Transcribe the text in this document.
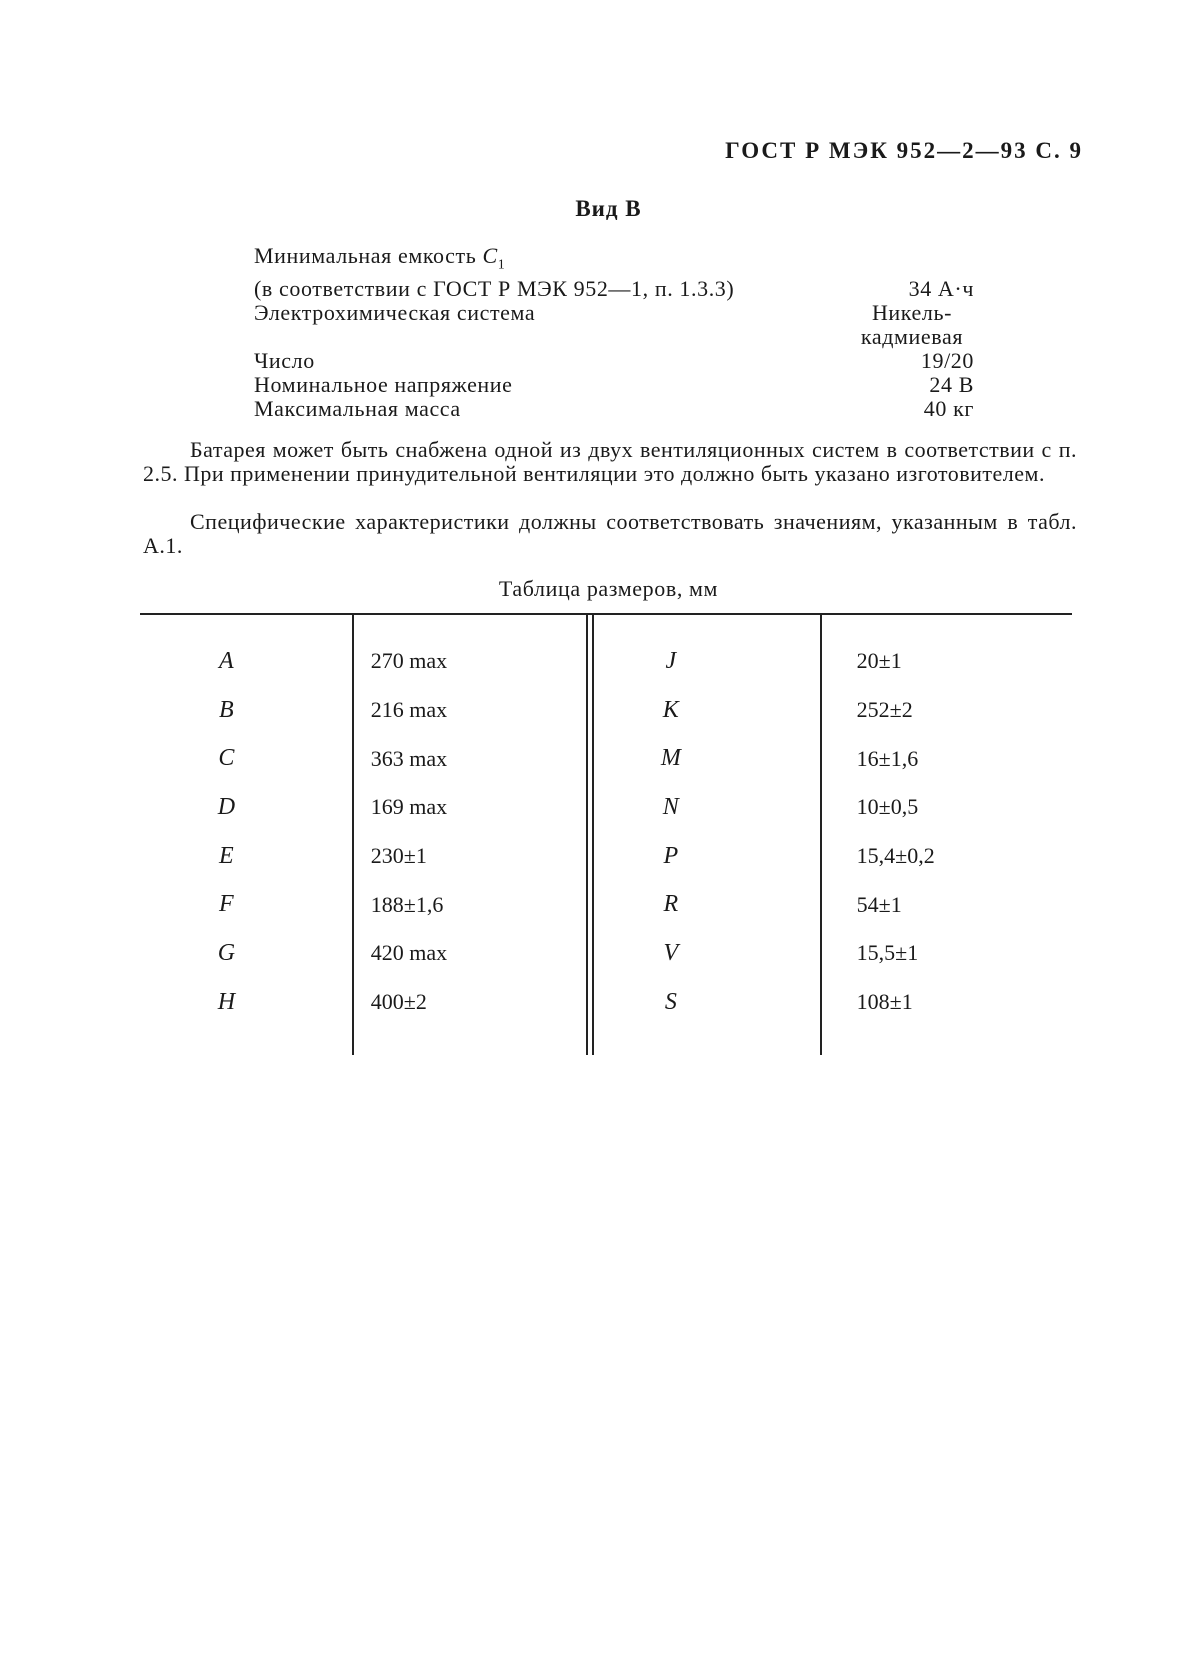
ГОСТ Р МЭК 952—2—93 С. 9
Вид В
Минимальная емкость $C_1$
(в соответствии с ГОСТ Р МЭК 952—1, п. 1.3.3)	34 А·ч
Электрохимическая система	Никель-
кадмиевая
Число	19/20
Номинальное напряжение	24 В
Максимальная масса	40 кг

Батарея может быть снабжена одной из двух вентиляционных систем в соответствии с п. 2.5. При применении принудительной вентиляции это должно быть указано изготовителем.

Специфические характеристики должны соответствовать значениям, указанным в табл. А.1.

Таблица размеров, мм
A	270 max	J	20±1
B	216 max	K	252±2
C	363 max	M	16±1,6
D	169 max	N	10±0,5
E	230±1	P	15,4±0,2
F	188±1,6	R	54±1
G	420 max	V	15,5±1
H	400±2	S	108±1
